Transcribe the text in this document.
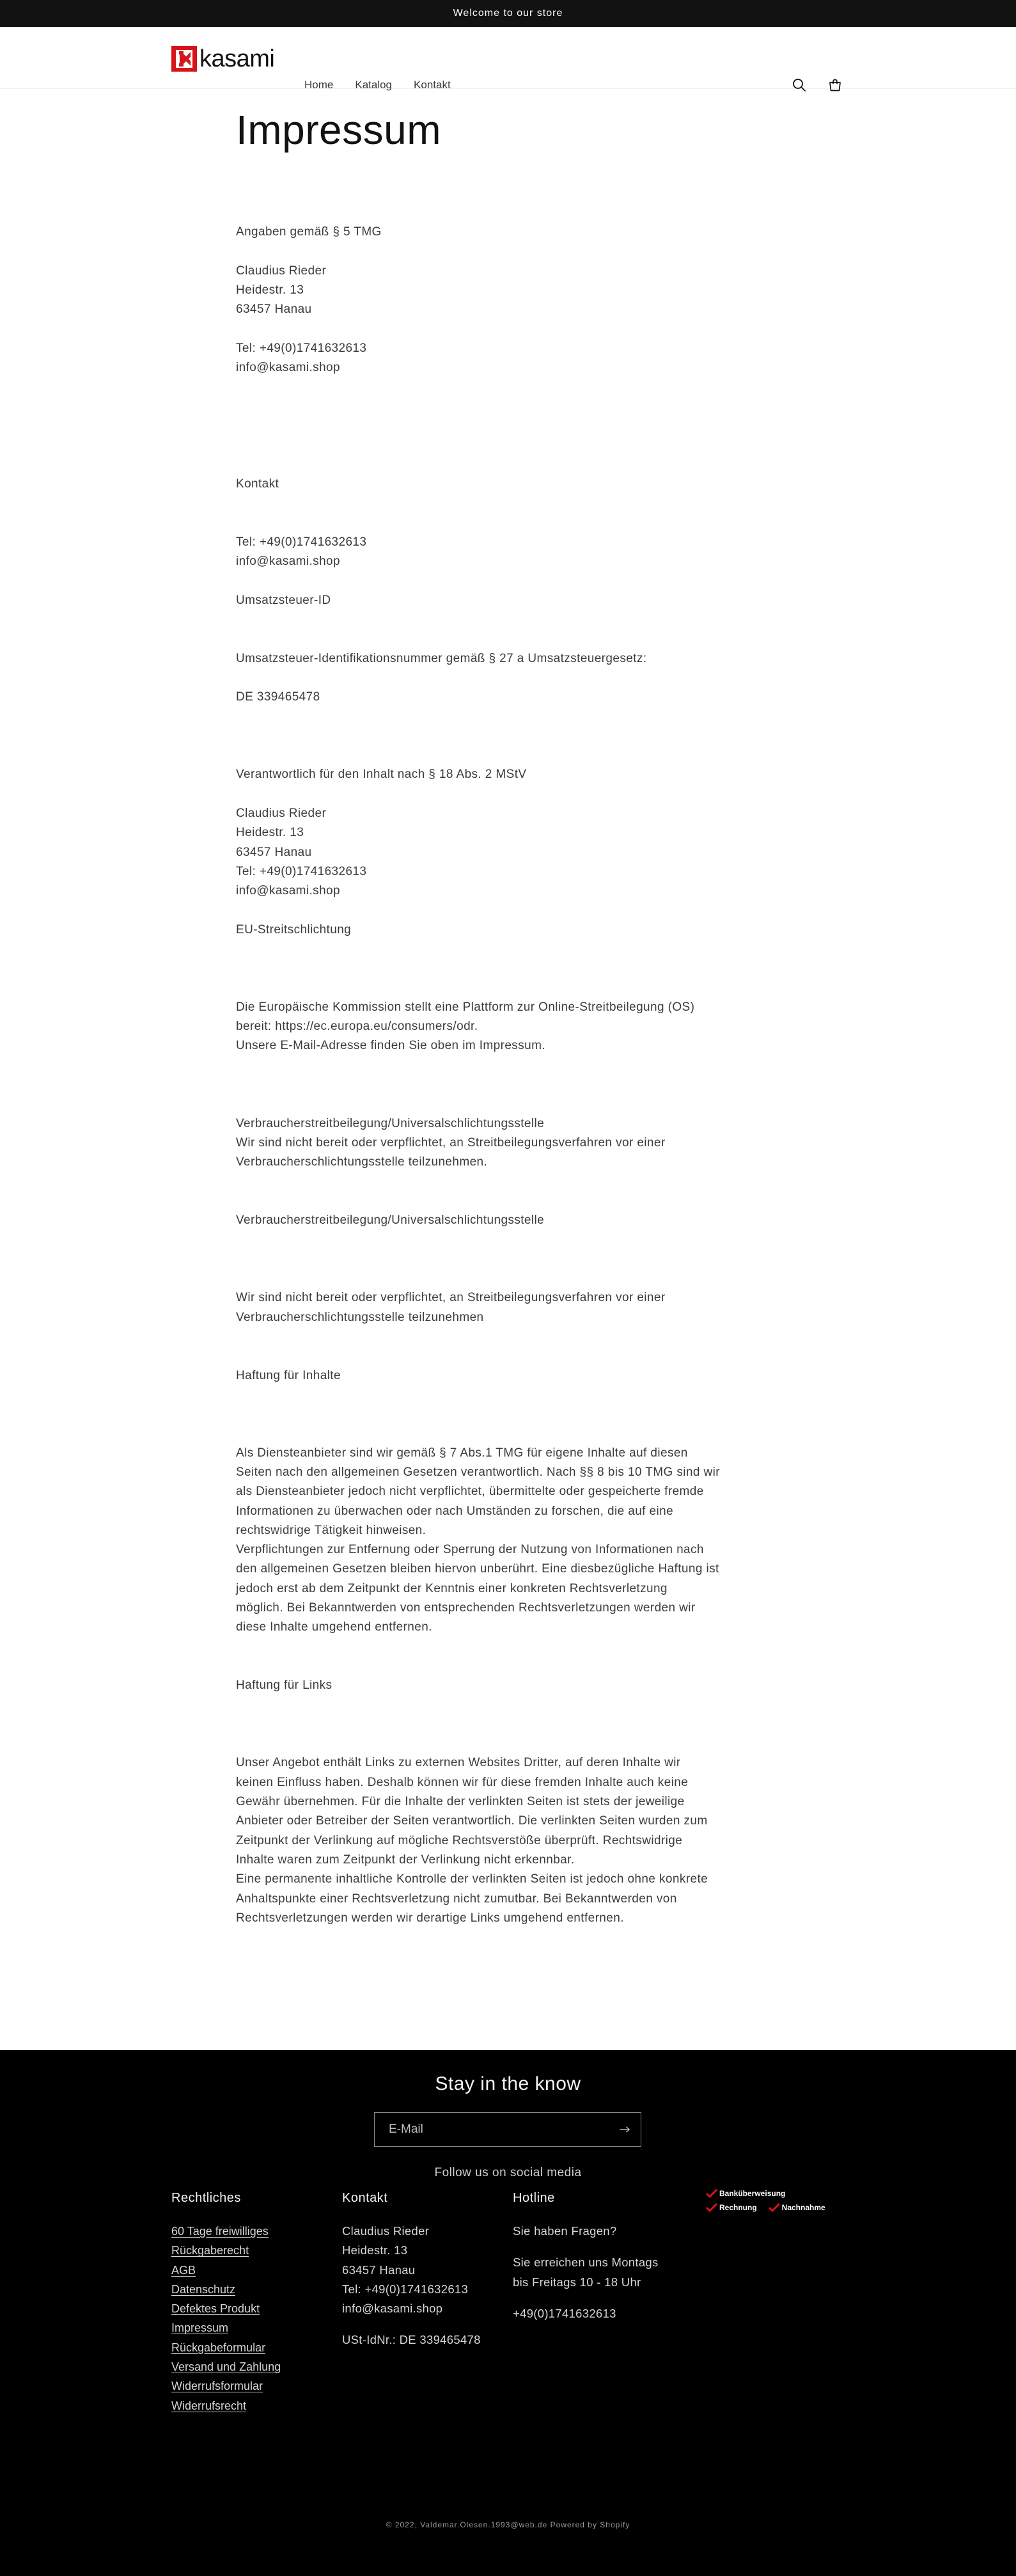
Welcome to our store
kasami
Home Katalog Kontakt
Impressum

Angaben gemäß § 5 TMG

Claudius Rieder

Heidestr. 13

63457 Hanau

Tel: +49(0)1741632613

info@kasami.shop

Kontakt

Tel: +49(0)1741632613

info@kasami.shop

Umsatzsteuer-ID

Umsatzsteuer-Identifikationsnummer gemäß § 27 a Umsatzsteuergesetz:

DE 339465478

Verantwortlich für den Inhalt nach § 18 Abs. 2 MStV

Claudius Rieder

Heidestr. 13

63457 Hanau

Tel: +49(0)1741632613

info@kasami.shop

EU-Streitschlichtung

Die Europäische Kommission stellt eine Plattform zur Online-Streitbeilegung (OS)

bereit: https://ec.europa.eu/consumers/odr.

Unsere E-Mail-Adresse finden Sie oben im Impressum.

Verbraucherstreitbeilegung/Universalschlichtungsstelle

Wir sind nicht bereit oder verpflichtet, an Streitbeilegungsverfahren vor einer

Verbraucherschlichtungsstelle teilzunehmen.

Verbraucherstreitbeilegung/Universalschlichtungsstelle

Wir sind nicht bereit oder verpflichtet, an Streitbeilegungsverfahren vor einer

Verbraucherschlichtungsstelle teilzunehmen

Haftung für Inhalte

Als Diensteanbieter sind wir gemäß § 7 Abs.1 TMG für eigene Inhalte auf diesen

Seiten nach den allgemeinen Gesetzen verantwortlich. Nach §§ 8 bis 10 TMG sind wir

als Diensteanbieter jedoch nicht verpflichtet, übermittelte oder gespeicherte fremde

Informationen zu überwachen oder nach Umständen zu forschen, die auf eine

rechtswidrige Tätigkeit hinweisen.

Verpflichtungen zur Entfernung oder Sperrung der Nutzung von Informationen nach

den allgemeinen Gesetzen bleiben hiervon unberührt. Eine diesbezügliche Haftung ist

jedoch erst ab dem Zeitpunkt der Kenntnis einer konkreten Rechtsverletzung

möglich. Bei Bekanntwerden von entsprechenden Rechtsverletzungen werden wir

diese Inhalte umgehend entfernen.

Haftung für Links

Unser Angebot enthält Links zu externen Websites Dritter, auf deren Inhalte wir

keinen Einfluss haben. Deshalb können wir für diese fremden Inhalte auch keine

Gewähr übernehmen. Für die Inhalte der verlinkten Seiten ist stets der jeweilige

Anbieter oder Betreiber der Seiten verantwortlich. Die verlinkten Seiten wurden zum

Zeitpunkt der Verlinkung auf mögliche Rechtsverstöße überprüft. Rechtswidrige

Inhalte waren zum Zeitpunkt der Verlinkung nicht erkennbar.

Eine permanente inhaltliche Kontrolle der verlinkten Seiten ist jedoch ohne konkrete

Anhaltspunkte einer Rechtsverletzung nicht zumutbar. Bei Bekanntwerden von

Rechtsverletzungen werden wir derartige Links umgehend entfernen.

Stay in the know
E-Mail
Follow us on social media
Rechtliches
60 Tage freiwilliges
Rückgaberecht
AGB
Datenschutz
Defektes Produkt
Impressum
Rückgabeformular
Versand und Zahlung
Widerrufsformular
Widerrufsrecht
Kontakt

Claudius Rieder

Heidestr. 13

63457 Hanau

Tel: +49(0)1741632613

info@kasami.shop

USt-IdNr.: DE 339465478

Hotline

Sie haben Fragen?

Sie erreichen uns Montags

bis Freitags 10 - 18 Uhr

+49(0)1741632613

Banküberweisung
Rechnung	Nachnahme
© 2022, Valdemar.Olesen.1993@web.de Powered by Shopify
